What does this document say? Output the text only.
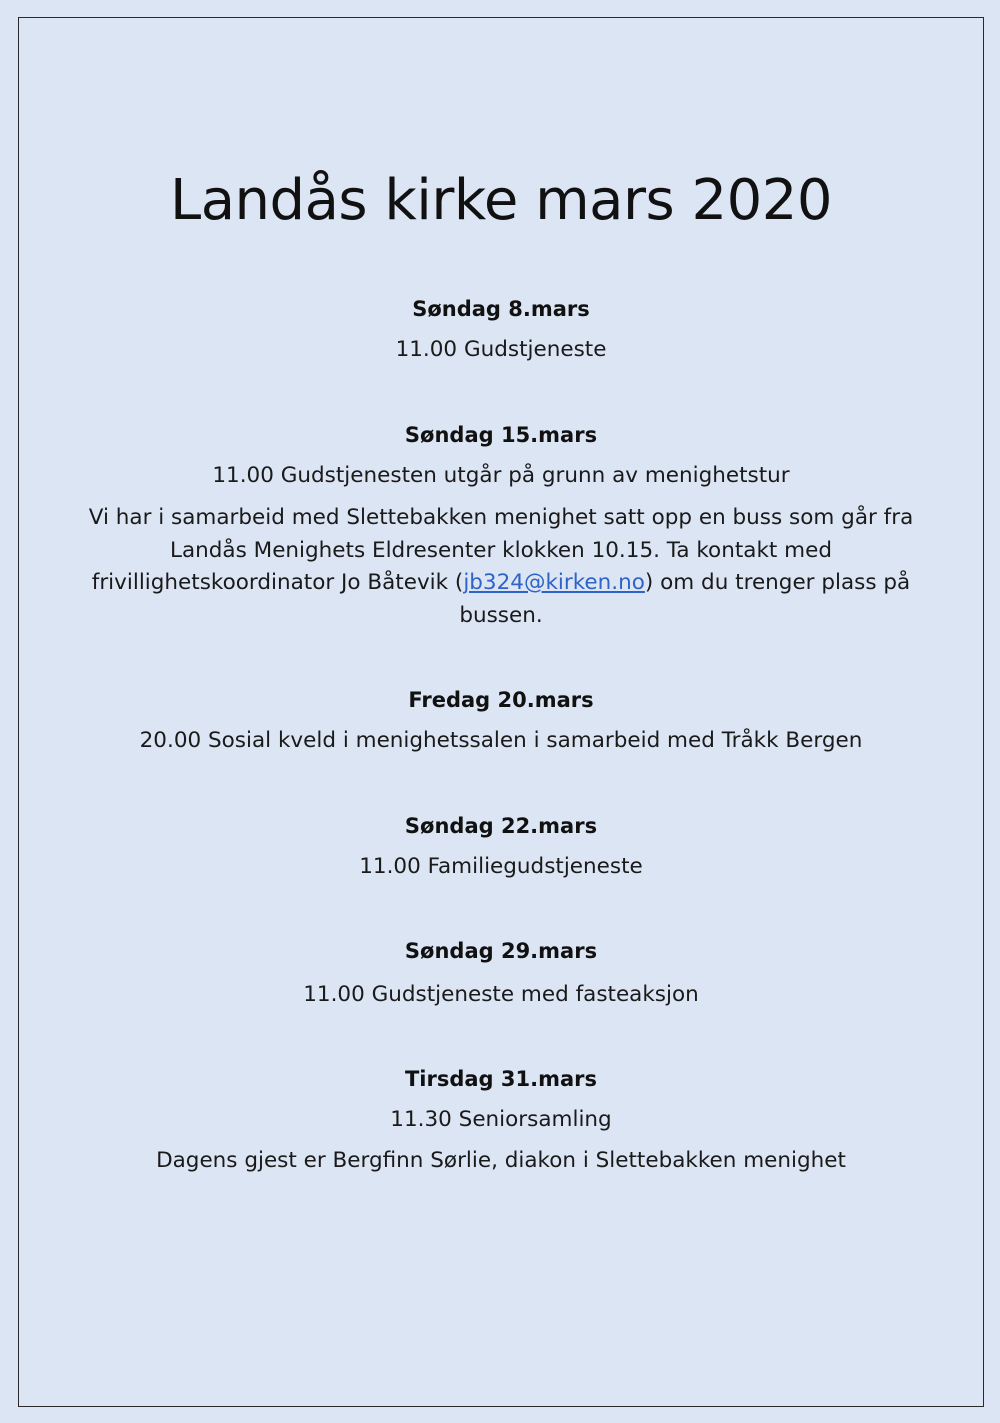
Landås kirke mars 2020

Søndag 8.mars

11.00 Gudstjeneste

Søndag 15.mars

11.00 Gudstjenesten utgår på grunn av menighetstur

Vi har i samarbeid med Slettebakken menighet satt opp en buss som går fra Landås Menighets Eldresenter klokken 10.15. Ta kontakt med frivillighetskoordinator Jo Båtevik (jb324@kirken.no) om du trenger plass på bussen.

Fredag 20.mars

20.00 Sosial kveld i menighetssalen i samarbeid med Tråkk Bergen

Søndag 22.mars

11.00 Familiegudstjeneste

Søndag 29.mars

11.00 Gudstjeneste med fasteaksjon

Tirsdag 31.mars

11.30 Seniorsamling

Dagens gjest er Bergfinn Sørlie, diakon i Slettebakken menighet
